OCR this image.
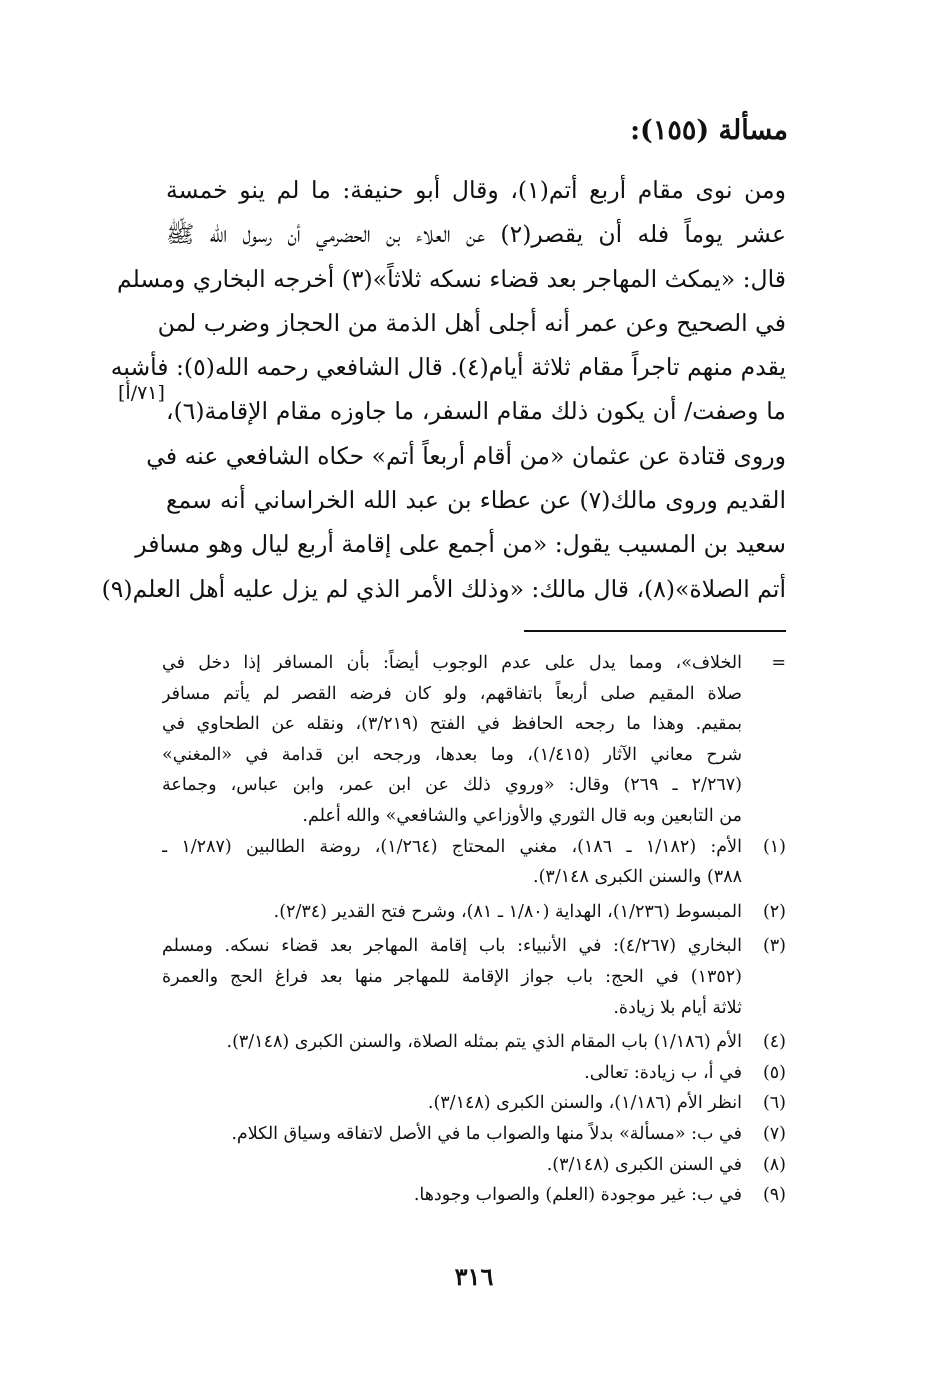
مسألة (١٥٥):
ومن نوى مقام أربع أتم(١)، وقال أبو حنيفة: ما لم ينو خمسة
عشر يوماً فله أن يقصر(٢) عن العلاء بن الحضرمي أن رسول الله ﷺ
قال: «يمكث المهاجر بعد قضاء نسكه ثلاثاً»(٣) أخرجه البخاري ومسلم
في الصحيح وعن عمر أنه أجلى أهل الذمة من الحجاز وضرب لمن
يقدم منهم تاجراً مقام ثلاثة أيام(٤). قال الشافعي رحمه الله(٥): فأشبه
ما وصفت/ أن يكون ذلك مقام السفر، ما جاوزه مقام الإقامة(٦)،
وروى قتادة عن عثمان «من أقام أربعاً أتم» حكاه الشافعي عنه في
القديم وروى مالك(٧) عن عطاء بن عبد الله الخراساني أنه سمع
سعيد بن المسيب يقول: «من أجمع على إقامة أربع ليال وهو مسافر
أتم الصلاة»(٨)، قال مالك: «وذلك الأمر الذي لم يزل عليه أهل العلم(٩)
[٧١/أ]
=
الخلاف»، ومما يدل على عدم الوجوب أيضاً: بأن المسافر إذا دخل في
صلاة المقيم صلى أربعاً باتفاقهم، ولو كان فرضه القصر لم يأتم مسافر
بمقيم. وهذا ما رجحه الحافظ في الفتح (٣/٢١٩)، ونقله عن الطحاوي في
شرح معاني الآثار (١/٤١٥)، وما بعدها، ورجحه ابن قدامة في «المغني»
(٢/٢٦٧ ـ ٢٦٩) وقال: «وروي ذلك عن ابن عمر، وابن عباس، وجماعة
من التابعين وبه قال الثوري والأوزاعي والشافعي» والله أعلم.
(١)
الأم: (١/١٨٢ ـ ١٨٦)، مغني المحتاج (١/٢٦٤)، روضة الطالبين (١/٢٨٧ ـ
٣٨٨) والسنن الكبرى ٣/١٤٨).
(٢)
المبسوط (١/٢٣٦)، الهداية (١/٨٠ ـ ٨١)، وشرح فتح القدير (٢/٣٤).
(٣)
البخاري (٤/٢٦٧): في الأنبياء: باب إقامة المهاجر بعد قضاء نسكه. ومسلم
(١٣٥٢) في الحج: باب جواز الإقامة للمهاجر منها بعد فراغ الحج والعمرة
ثلاثة أيام بلا زيادة.
(٤)
الأم (١/١٨٦) باب المقام الذي يتم بمثله الصلاة، والسنن الكبرى (٣/١٤٨).
(٥)
في أ، ب زيادة: تعالى.
(٦)
انظر الأم (١/١٨٦)، والسنن الكبرى (٣/١٤٨).
(٧)
في ب: «مسألة» بدلاً منها والصواب ما في الأصل لاتفاقه وسياق الكلام.
(٨)
في السنن الكبرى (٣/١٤٨).
(٩)
في ب: غير موجودة (العلم) والصواب وجودها.
٣١٦
